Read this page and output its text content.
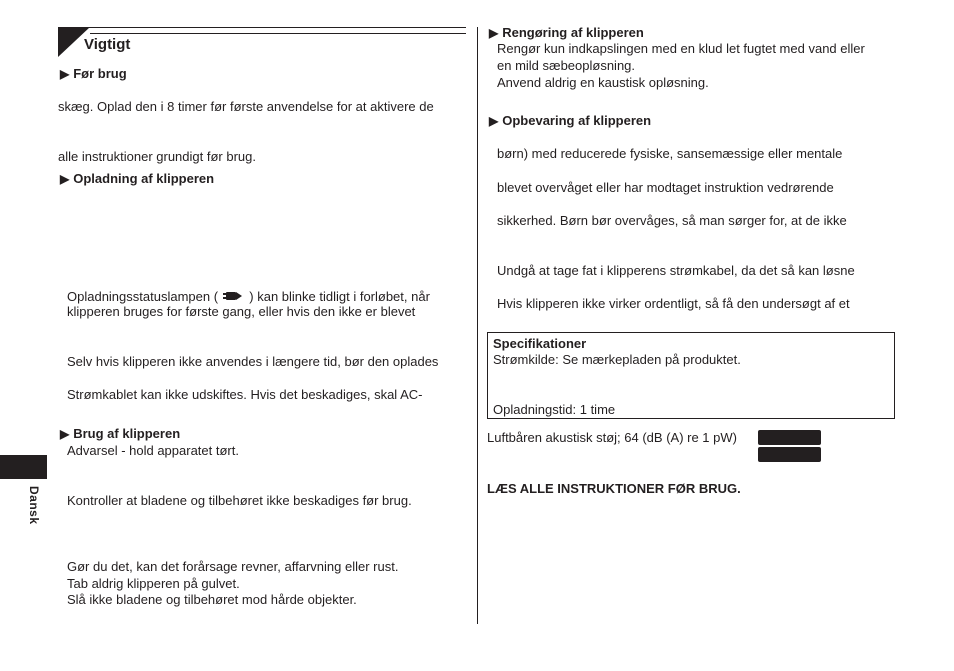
Vigtigt
▶ Før brug
skæg. Oplad den i 8 timer før første anvendelse for at aktivere de
alle instruktioner grundigt før brug.
▶ Opladning af klipperen
Opladningsstatuslampen ( ) kan blinke tidligt i forløbet, når
klipperen bruges for første gang, eller hvis den ikke er blevet
Selv hvis klipperen ikke anvendes i længere tid, bør den oplades
Strømkablet kan ikke udskiftes. Hvis det beskadiges, skal AC-
▶ Brug af klipperen
Advarsel - hold apparatet tørt.
Kontroller at bladene og tilbehøret ikke beskadiges før brug.
Gør du det, kan det forårsage revner, affarvning eller rust.
Tab aldrig klipperen på gulvet.
Slå ikke bladene og tilbehøret mod hårde objekter.
▶ Rengøring af klipperen
Rengør kun indkapslingen med en klud let fugtet med vand eller
en mild sæbeopløsning.
Anvend aldrig en kaustisk opløsning.
▶ Opbevaring af klipperen
børn) med reducerede fysiske, sansemæssige eller mentale
blevet overvåget eller har modtaget instruktion vedrørende
sikkerhed. Børn bør overvåges, så man sørger for, at de ikke
Undgå at tage fat i klipperens strømkabel, da det så kan løsne
Hvis klipperen ikke virker ordentligt, så få den undersøgt af et
Specifikationer
Strømkilde: Se mærkepladen på produktet.
Opladningstid: 1 time
Luftbåren akustisk støj; 64 (dB (A) re 1 pW)
LÆS ALLE INSTRUKTIONER FØR BRUG.
Dansk
